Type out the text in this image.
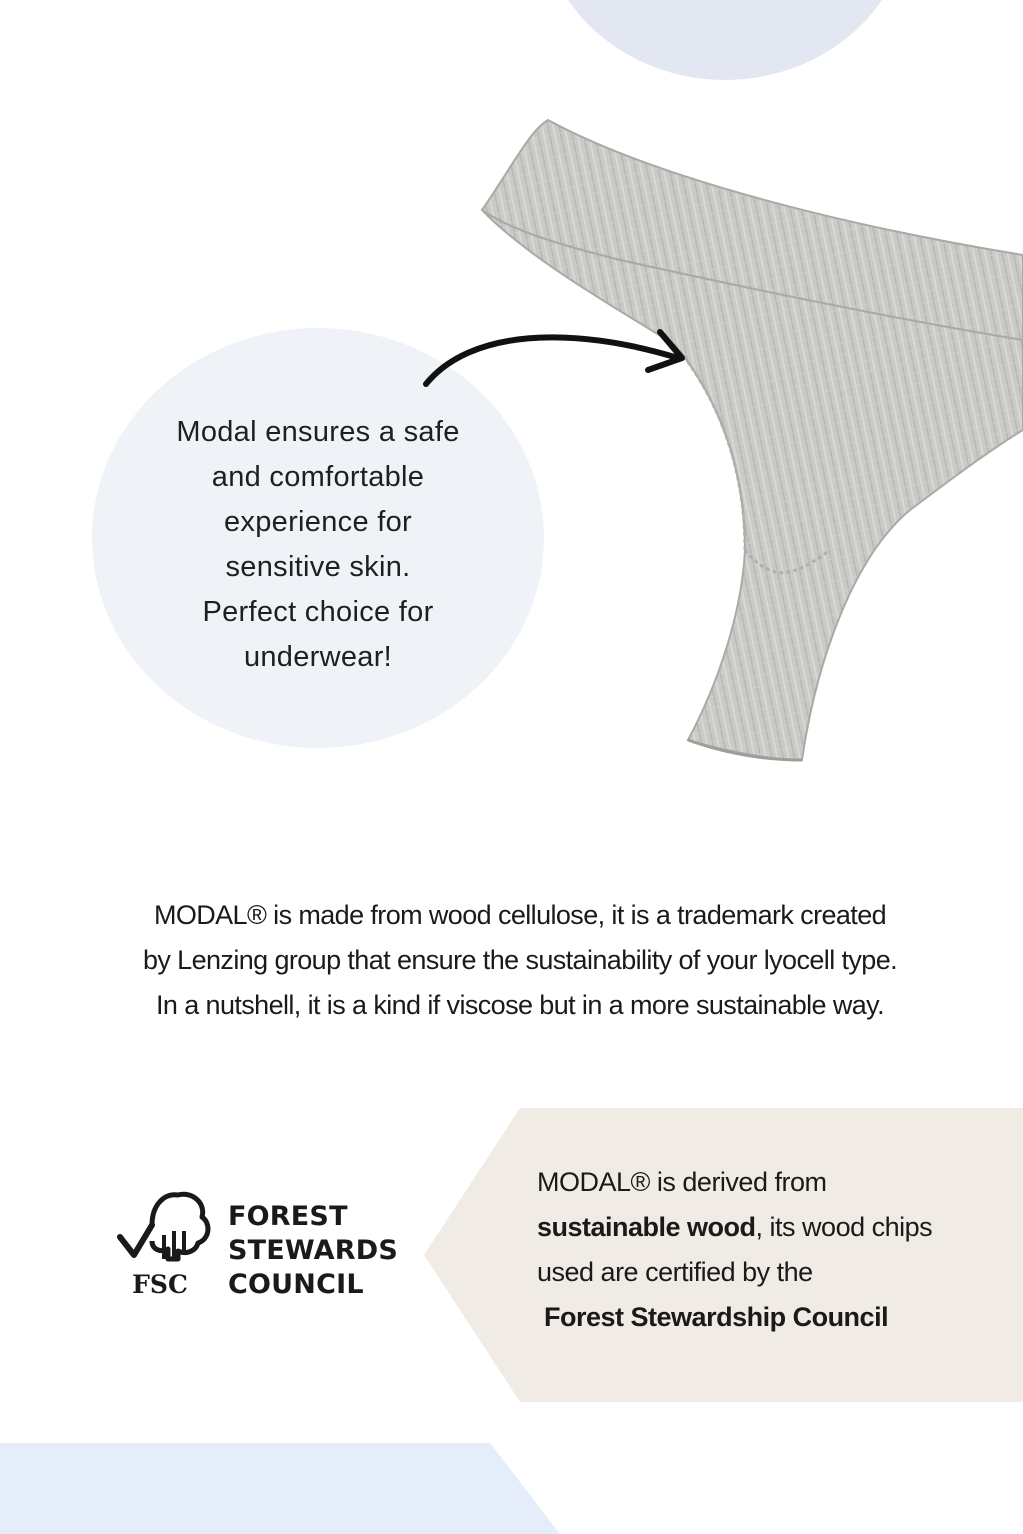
Modal ensures a safe
and comfortable
experience for
sensitive skin.
Perfect choice for
underwear!
MODAL® is made from wood cellulose, it is a trademark created
by Lenzing group that ensure the sustainability of your lyocell type.
In a nutshell, it is a kind if viscose but in a more sustainable way.
MODAL® is derived from
sustainable wood, its wood chips
used are certified by the
Forest Stewardship Council
FSC
FOREST
STEWARDS
COUNCIL
